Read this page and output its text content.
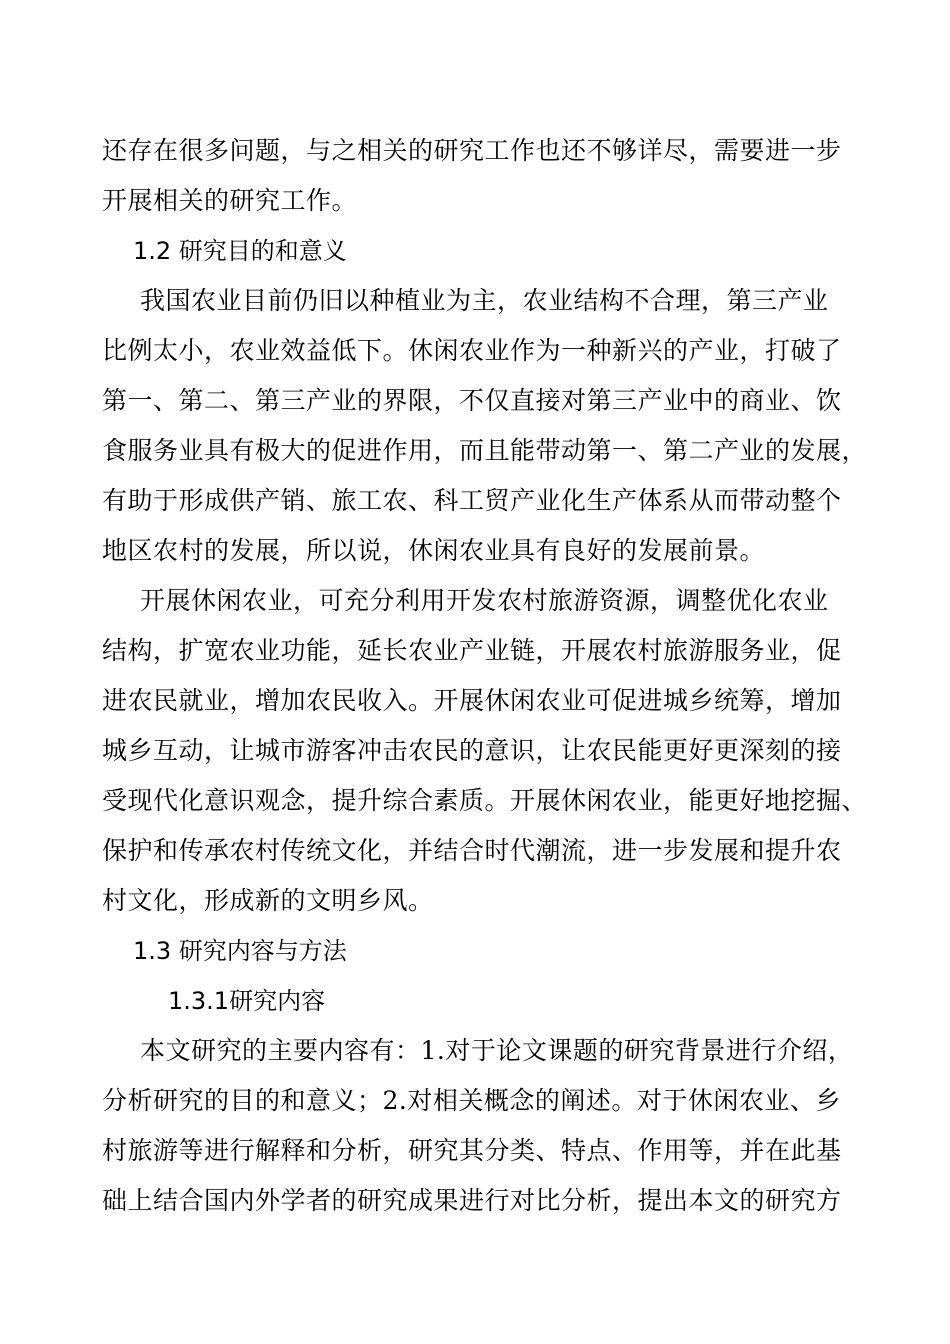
还存在很多问题，与之相关的研究工作也还不够详尽，需要进一步
开展相关的研究工作。
1.2 研究目的和意义
我国农业目前仍旧以种植业为主，农业结构不合理，第三产业
比例太小，农业效益低下。休闲农业作为一种新兴的产业，打破了
第一、第二、第三产业的界限，不仅直接对第三产业中的商业、饮
食服务业具有极大的促进作用，而且能带动第一、第二产业的发展，
有助于形成供产销、旅工农、科工贸产业化生产体系从而带动整个
地区农村的发展，所以说，休闲农业具有良好的发展前景。
开展休闲农业，可充分利用开发农村旅游资源，调整优化农业
结构，扩宽农业功能，延长农业产业链，开展农村旅游服务业，促
进农民就业，增加农民收入。开展休闲农业可促进城乡统筹，增加
城乡互动，让城市游客冲击农民的意识，让农民能更好更深刻的接
受现代化意识观念，提升综合素质。开展休闲农业，能更好地挖掘、
保护和传承农村传统文化，并结合时代潮流，进一步发展和提升农
村文化，形成新的文明乡风。
1.3 研究内容与方法
1.3.1研究内容
本文研究的主要内容有：1.对于论文课题的研究背景进行介绍，
分析研究的目的和意义；2.对相关概念的阐述。对于休闲农业、乡
村旅游等进行解释和分析，研究其分类、特点、作用等，并在此基
础上结合国内外学者的研究成果进行对比分析，提出本文的研究方
